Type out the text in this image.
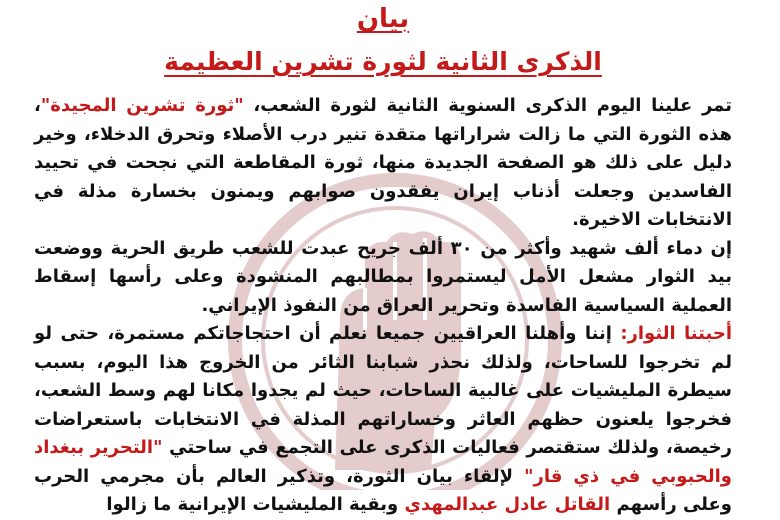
بيان
الذكرى الثانية لثورة تشرين العظيمة

تمر علينا اليوم الذكرى السنوية الثانية لثورة الشعب، "ثورة تشرين المجيدة"، هذه الثورة التي ما زالت شراراتها متقدة تنير درب الأصلاء وتحرق الدخلاء، وخير دليل على ذلك هو الصفحة الجديدة منها، ثورة المقاطعة التي نجحت في تحييد الفاسدين وجعلت أذناب إيران يفقدون صوابهم ويمنون بخسارة مذلة في الانتخابات الاخيرة.

إن دماء ألف شهيد وأكثر من ٣٠ ألف جريح عبدت للشعب طريق الحرية ووضعت بيد الثوار مشعل الأمل ليستمروا بمطالبهم المنشودة وعلى رأسها إسقاط العملية السياسية الفاسدة وتحرير العراق من النفوذ الإيراني.

أحبتنا الثوار: إننا وأهلنا العراقيين جميعا نعلم أن احتجاجاتكم مستمرة، حتى لو لم تخرجوا للساحات، ولذلك نحذر شبابنا الثائر من الخروج هذا اليوم، بسبب سيطرة المليشيات على غالبية الساحات، حيث لم يجدوا مكانا لهم وسط الشعب، فخرجوا يلعنون حظهم العاثر وخساراتهم المذلة في الانتخابات باستعراضات رخيصة، ولذلك ستقتصر فعاليات الذكرى على التجمع في ساحتي "التحرير ببغداد والحبوبي في ذي قار" لإلقاء بيان الثورة، وتذكير العالم بأن مجرمي الحرب وعلى رأسهم القاتل عادل عبدالمهدي وبقية المليشيات الإيرانية ما زالوا
